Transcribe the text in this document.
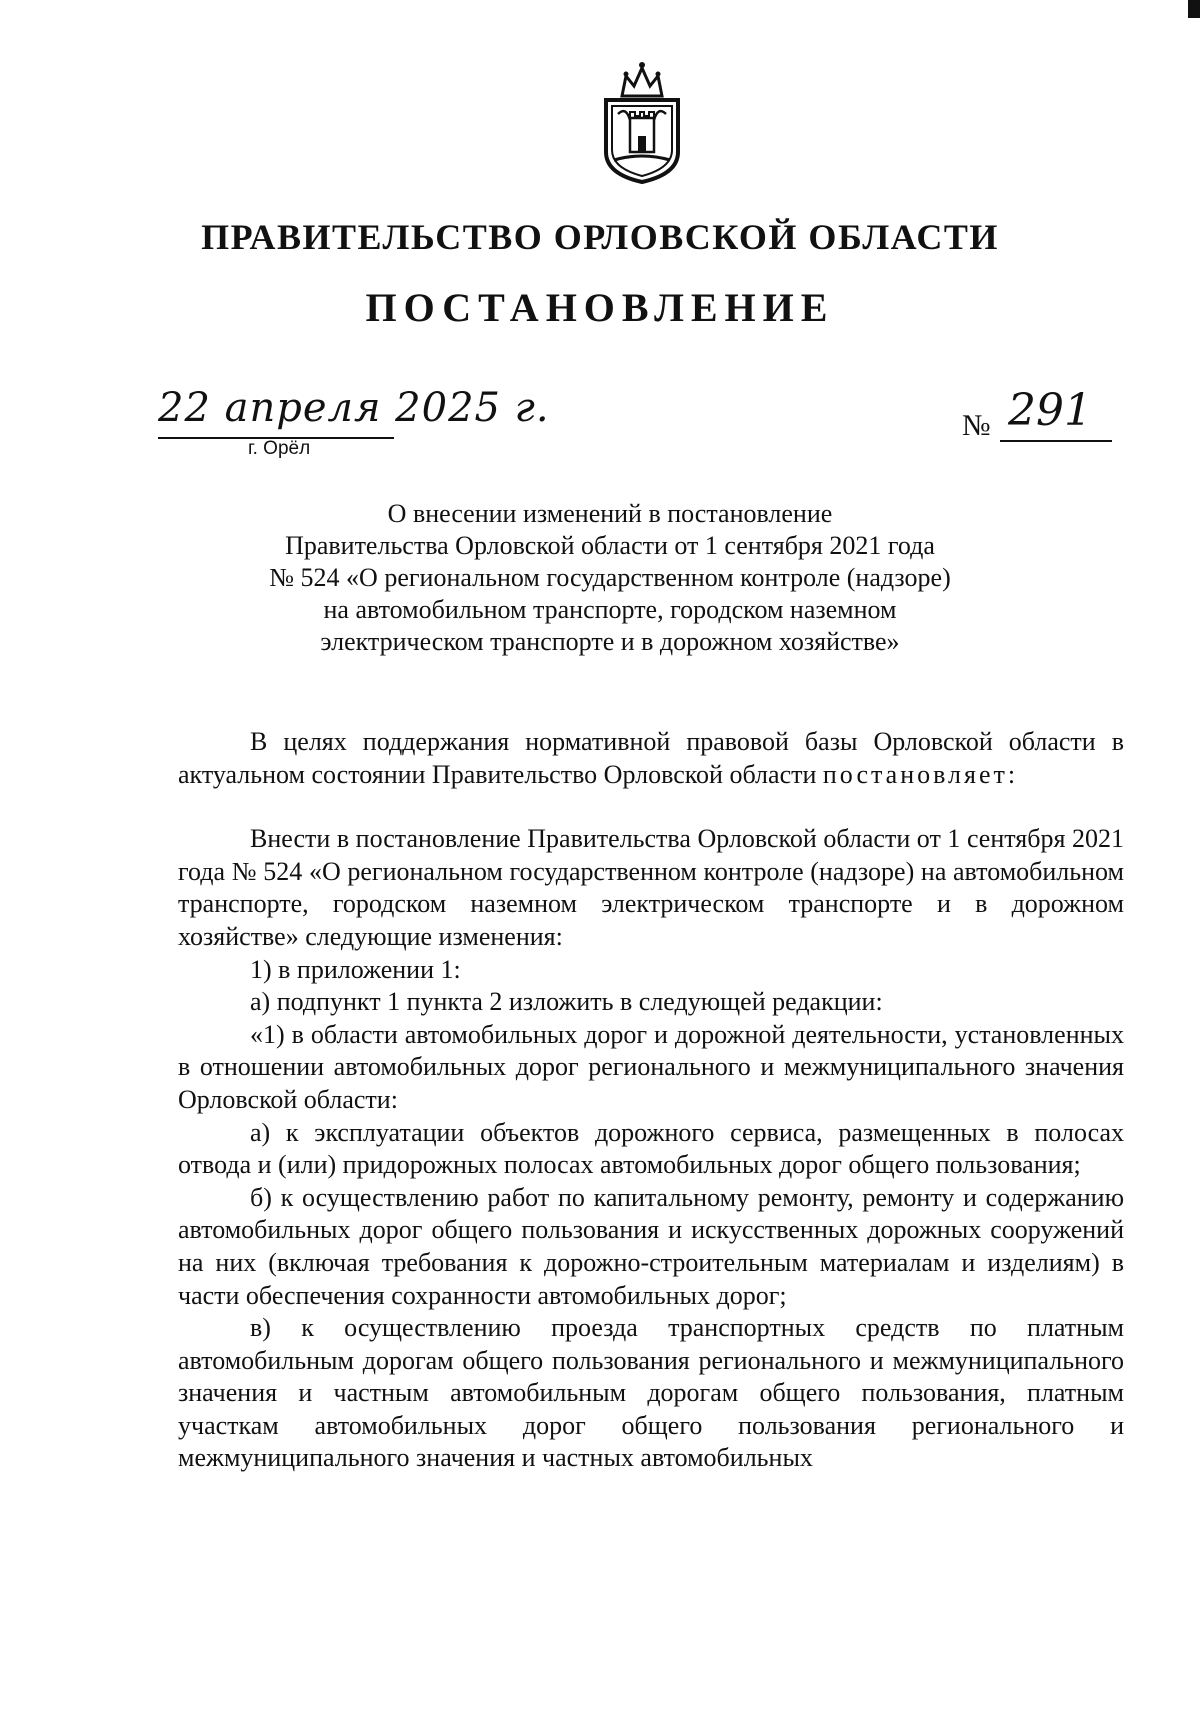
ПРАВИТЕЛЬСТВО ОРЛОВСКОЙ ОБЛАСТИ
ПОСТАНОВЛЕНИЕ
22 апреля 2025 г.
г. Орёл
№ 291
О внесении изменений в постановление
Правительства Орловской области от 1 сентября 2021 года
№ 524 «О региональном государственном контроле (надзоре)
на автомобильном транспорте, городском наземном
электрическом транспорте и в дорожном хозяйстве»

В целях поддержания нормативной правовой базы Орловской области в актуальном состоянии Правительство Орловской области постановляет:

Внести в постановление Правительства Орловской области от 1 сентября 2021 года № 524 «О региональном государственном контроле (надзоре) на автомобильном транспорте, городском наземном электрическом транспорте и в дорожном хозяйстве» следующие изменения:

1) в приложении 1:

а) подпункт 1 пункта 2 изложить в следующей редакции:

«1) в области автомобильных дорог и дорожной деятельности, установленных в отношении автомобильных дорог регионального и межмуниципального значения Орловской области:

а) к эксплуатации объектов дорожного сервиса, размещенных в полосах отвода и (или) придорожных полосах автомобильных дорог общего пользования;

б) к осуществлению работ по капитальному ремонту, ремонту и содержанию автомобильных дорог общего пользования и искусственных дорожных сооружений на них (включая требования к дорожно-строительным материалам и изделиям) в части обеспечения сохранности автомобильных дорог;

в) к осуществлению проезда транспортных средств по платным автомобильным дорогам общего пользования регионального и межмуниципального значения и частным автомобильным дорогам общего пользования, платным участкам автомобильных дорог общего пользования регионального и межмуниципального значения и частных автомобильных
